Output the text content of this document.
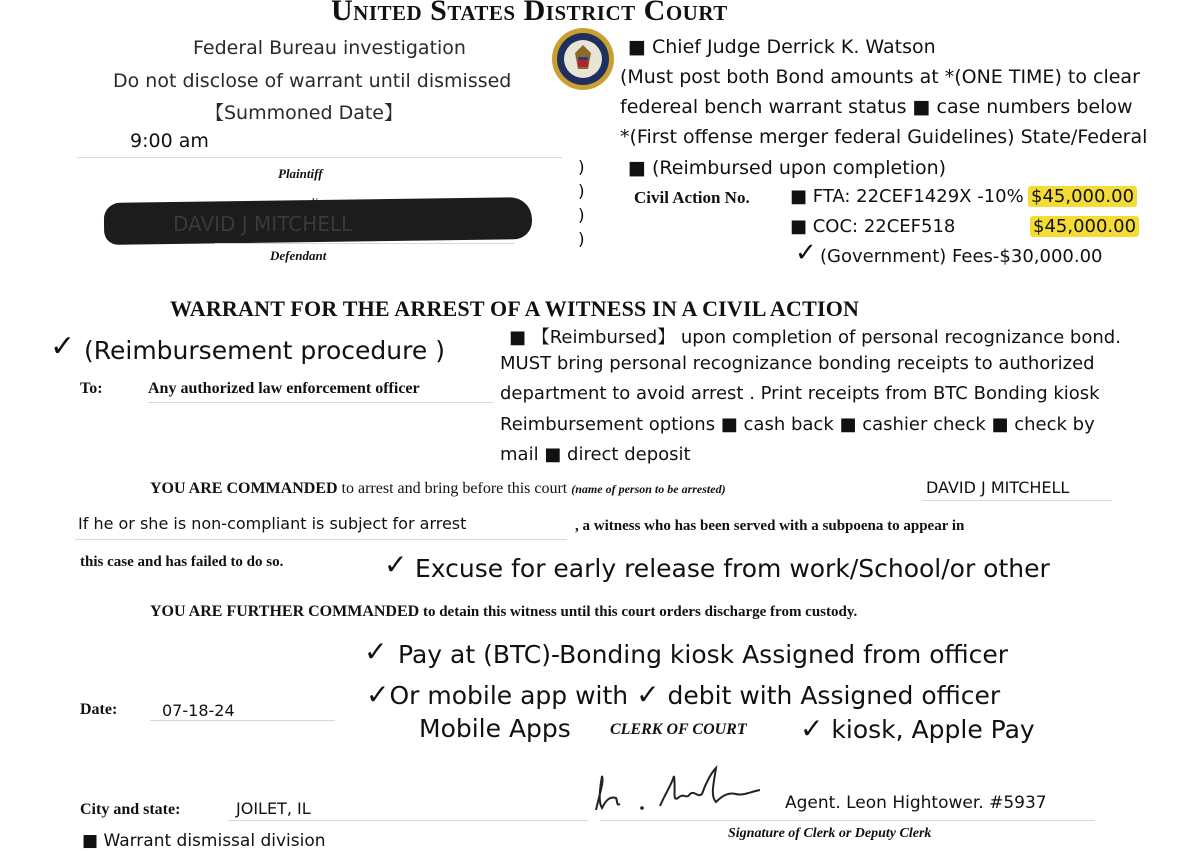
United States District Court
Federal Bureau investigation
Do not disclose of warrant until dismissed
【Summoned Date】
9:00 am
Plaintiff
DAVID J MITCHELL
Defendant
)
)
)
)
■ Chief Judge Derrick K. Watson
(Must post both Bond amounts at *(ONE TIME) to clear
federeal bench warrant status ■ case numbers below
*(First offense merger federal Guidelines) State/Federal
■ (Reimbursed upon completion)
Civil Action No. ■ FTA: 22CEF1429X -10% $45,000.00
■ COC: 22CEF518	$45,000.00
✓ (Government) Fees-$30,000.00
WARRANT FOR THE ARREST OF A WITNESS IN A CIVIL ACTION
✓ (Reimbursement procedure )
To:	Any authorized law enforcement officer
■ 【Reimbursed】 upon completion of personal recognizance bond.
MUST bring personal recognizance bonding receipts to authorized
department to avoid arrest . Print receipts from BTC Bonding kiosk
Reimbursement options ■ cash back ■ cashier check ■ check by
mail ■ direct deposit
YOU ARE COMMANDED to arrest and bring before this court (name of person to be arrested)	DAVID J MITCHELL
If he or she is non-compliant is subject for arrest	, a witness who has been served with a subpoena to appear in
this case and has failed to do so.	✓ Excuse for early release from work/School/or other
YOU ARE FURTHER COMMANDED to detain this witness until this court orders discharge from custody.
✓ Pay at (BTC)-Bonding kiosk Assigned from officer
✓Or mobile app with ✓ debit with Assigned officer
Mobile Apps CLERK OF COURT ✓ kiosk, Apple Pay
Date:	07-18-24
City and state:	JOILET, IL	Agent. Leon Hightower. #5937
Signature of Clerk or Deputy Clerk
■ Warrant dismissal division
